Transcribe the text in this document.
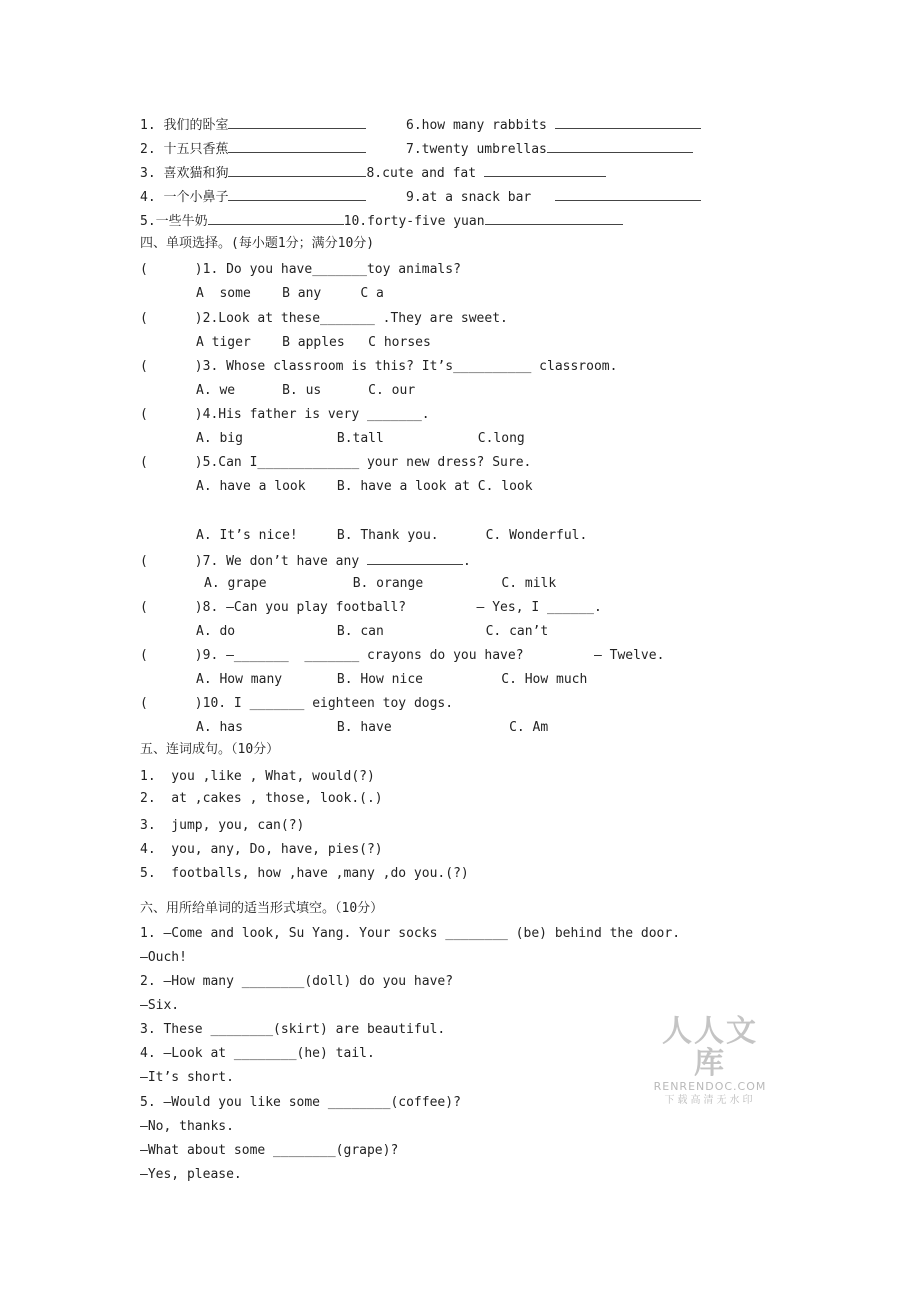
1. 我们的卧室	6.how many rabbits
2. 十五只香蕉	7.twenty umbrellas
3. 喜欢猫和狗	8.cute and fat
4. 一个小鼻子	9.at a snack bar
5.一些牛奶	10.forty-five yuan
四、单项选择。(每小题1分；满分10分)
(      )1. Do you have_______toy animals?
A  some    B any     C a
(      )2.Look at these_______ .They are sweet.
A tiger    B apples   C horses
(      )3. Whose classroom is this? It’s__________ classroom.
A. we      B. us      C. our
(      )4.His father is very _______.
A. big            B.tall            C.long
(      )5.Can I_____________ your new dress? Sure.
A. have a look    B. have a look at C. look
A. It’s nice!     B. Thank you.      C. Wonderful.
(      )7. We don’t have any	.
A. grape           B. orange          C. milk
(      )8. —Can you play football?         — Yes, I ______.
A. do             B. can             C. can’t
(      )9. —_______  _______ crayons do you have?         — Twelve.
A. How many       B. How nice          C. How much
(      )10. I _______ eighteen toy dogs.
A. has            B. have               C. Am
五、连词成句。（10分）
1.  you ,like , What, would(?)
2.  at ,cakes , those, look.(.)
3.  jump, you, can(?)
4.  you, any, Do, have, pies(?)
5.  footballs, how ,have ,many ,do you.(?)
六、用所给单词的适当形式填空。（10分）
1. —Come and look, Su Yang. Your socks ________ (be) behind the door.
—Ouch!
2. —How many ________(doll) do you have?
—Six.
3. These ________(skirt) are beautiful.
4. —Look at ________(he) tail.
—It’s short.
5. —Would you like some ________(coffee)?
—No, thanks.
—What about some ________(grape)?
—Yes, please.
人人文库
RENRENDOC.COM
下载高清无水印
